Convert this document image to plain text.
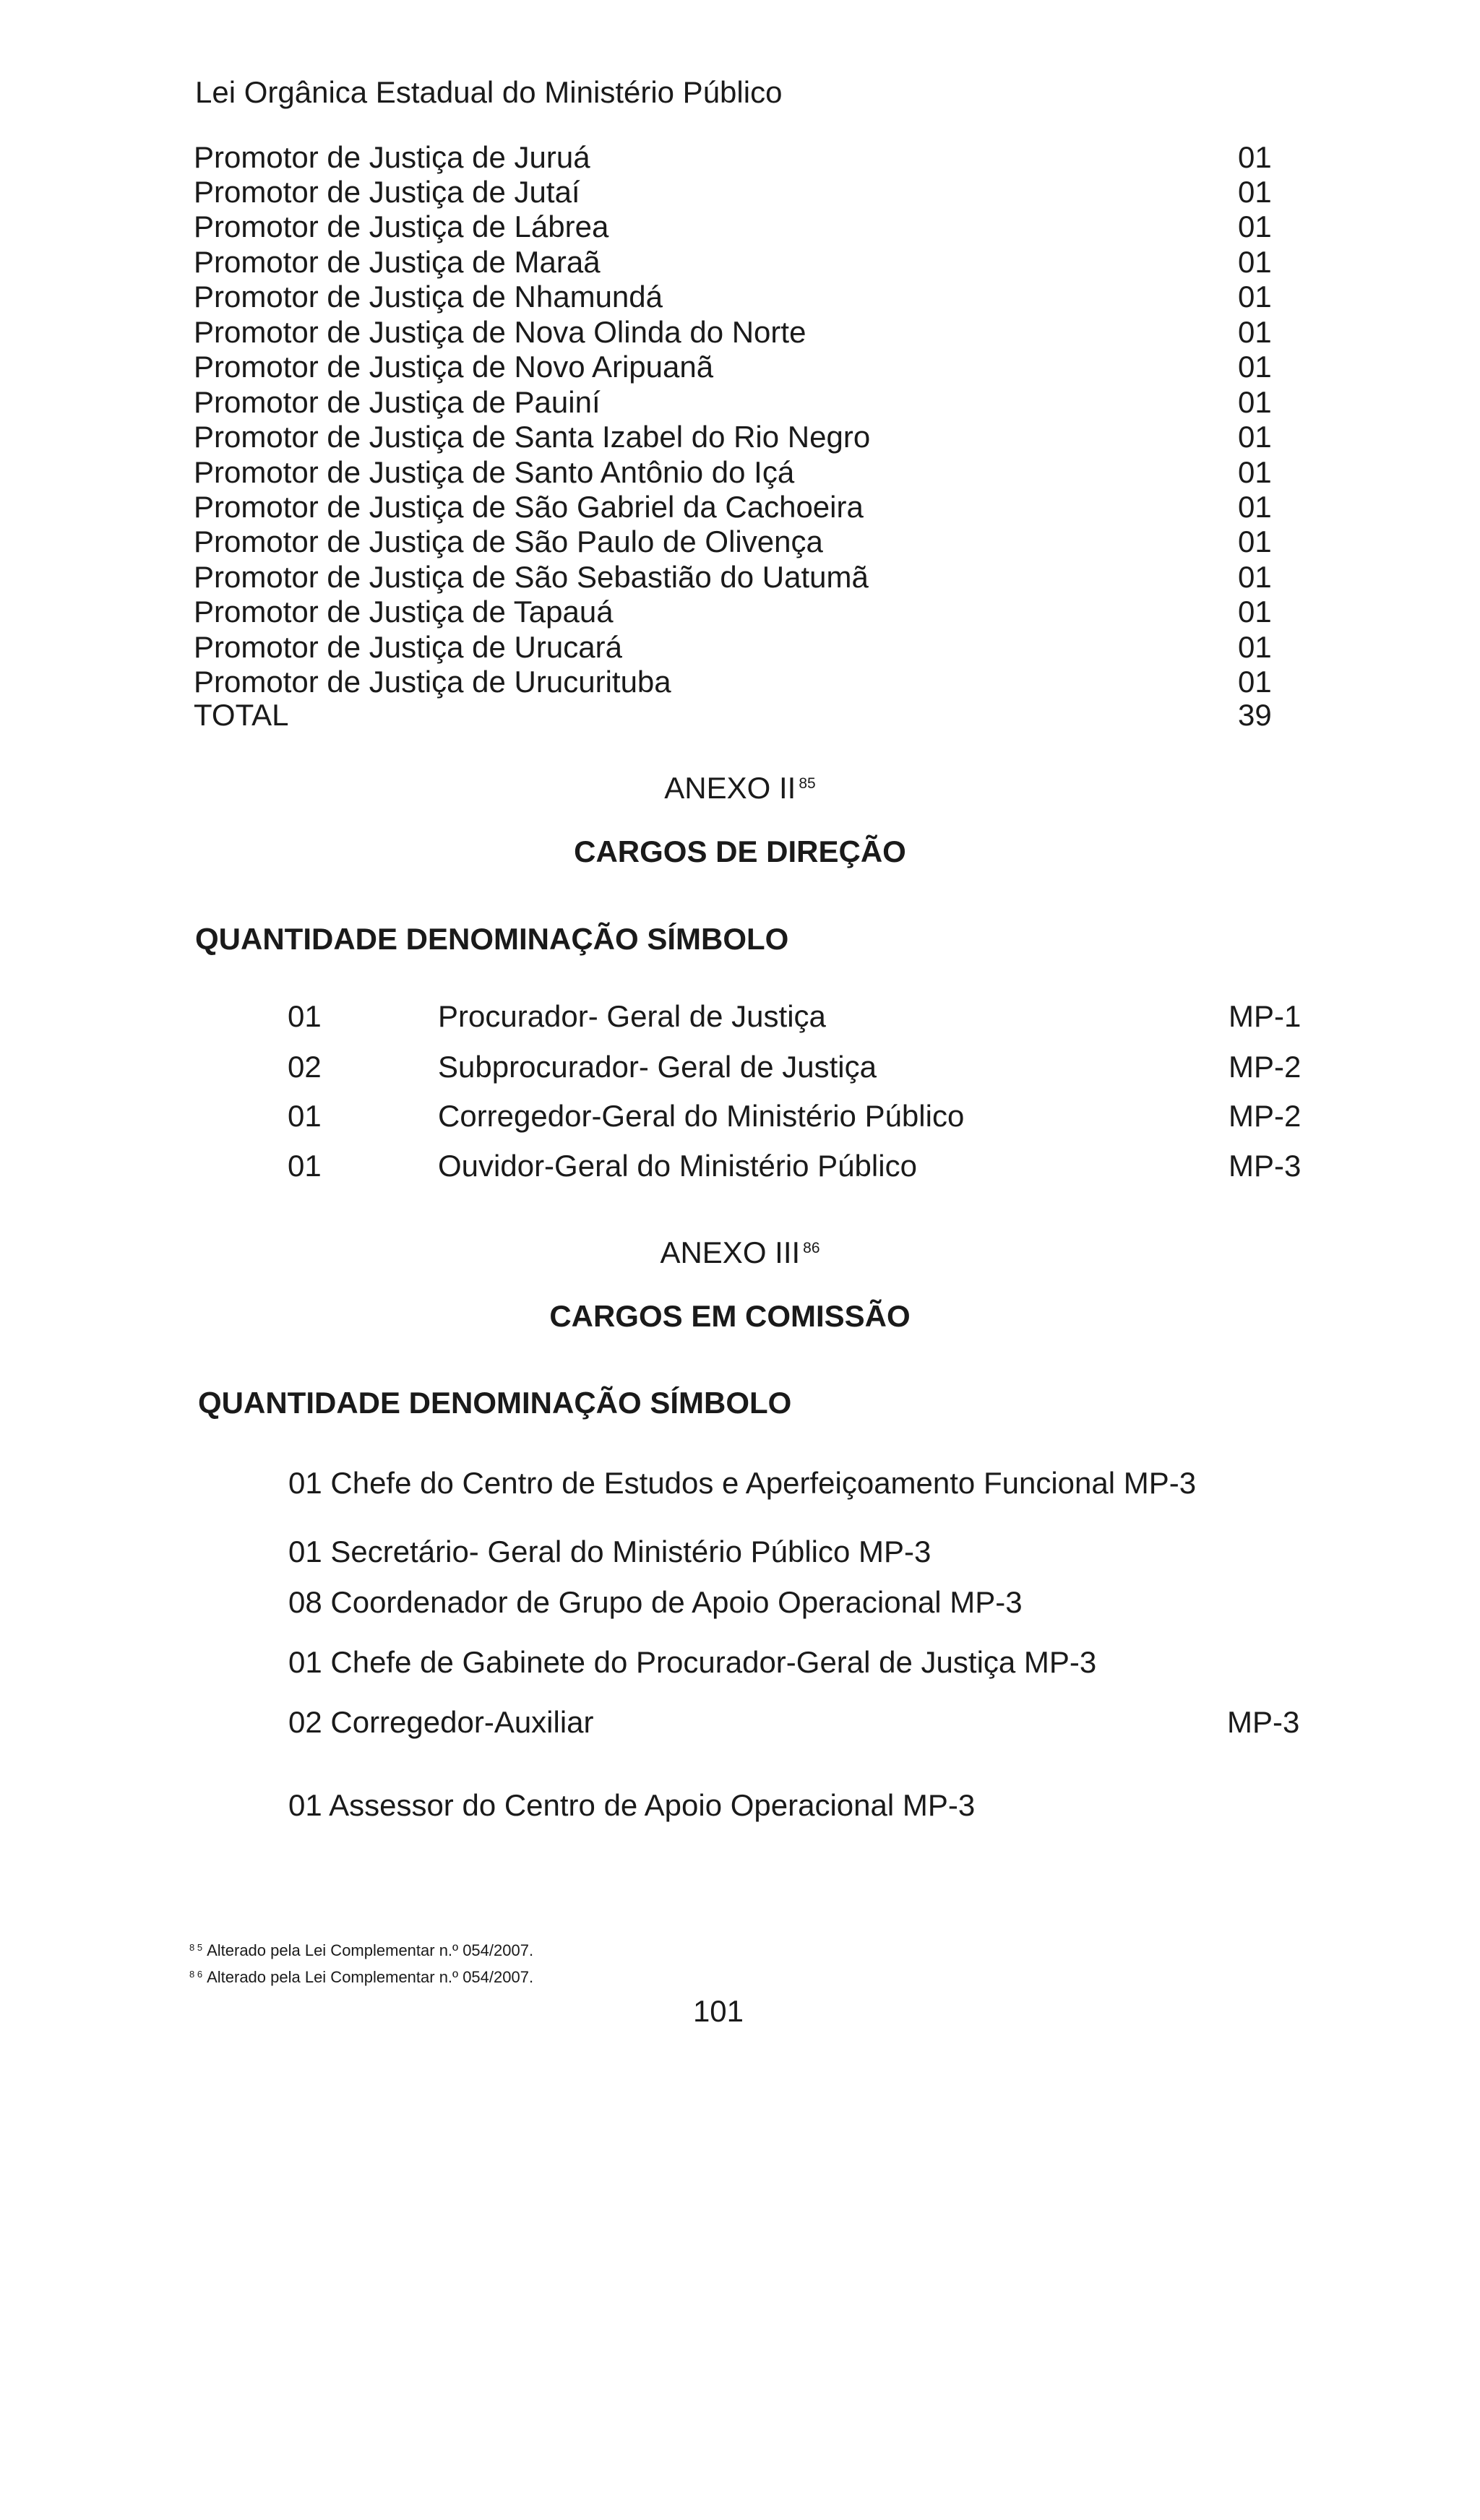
Lei Orgânica Estadual do Ministério Público
Promotor de Justiça de Juruá	01
Promotor de Justiça de Jutaí	01
Promotor de Justiça de Lábrea	01
Promotor de Justiça de Maraã	01
Promotor de Justiça de Nhamundá	01
Promotor de Justiça de Nova Olinda do Norte	01
Promotor de Justiça de Novo Aripuanã	01
Promotor de Justiça de Pauiní	01
Promotor de Justiça de Santa Izabel do Rio Negro	01
Promotor de Justiça de Santo Antônio do Içá	01
Promotor de Justiça de São Gabriel da Cachoeira	01
Promotor de Justiça de São Paulo de Olivença	01
Promotor de Justiça de São Sebastião do Uatumã	01
Promotor de Justiça de Tapauá	01
Promotor de Justiça de Urucará	01
Promotor de Justiça de Urucurituba	01
TOTAL	39
ANEXO II $^{85}$
CARGOS DE DIREÇÃO
QUANTIDADE DENOMINAÇÃO SÍMBOLO
01	Procurador- Geral de Justiça	MP-1
02	Subprocurador- Geral de Justiça	MP-2
01	Corregedor-Geral do Ministério Público	MP-2
01	Ouvidor-Geral do Ministério Público	MP-3
ANEXO III $^{86}$
CARGOS EM COMISSÃO
QUANTIDADE DENOMINAÇÃO SÍMBOLO
01 Chefe do Centro de Estudos e Aperfeiçoamento Funcional MP-3
01 Secretário- Geral do Ministério Público MP-3
08 Coordenador de Grupo de Apoio Operacional MP-3
01 Chefe de Gabinete do Procurador-Geral de Justiça MP-3
02 Corregedor-Auxiliar	MP-3
01 Assessor do Centro de Apoio Operacional MP-3
$^{8 5}$ Alterado pela Lei Complementar n.º 054/2007.
$^{8 6}$ Alterado pela Lei Complementar n.º 054/2007.
101
